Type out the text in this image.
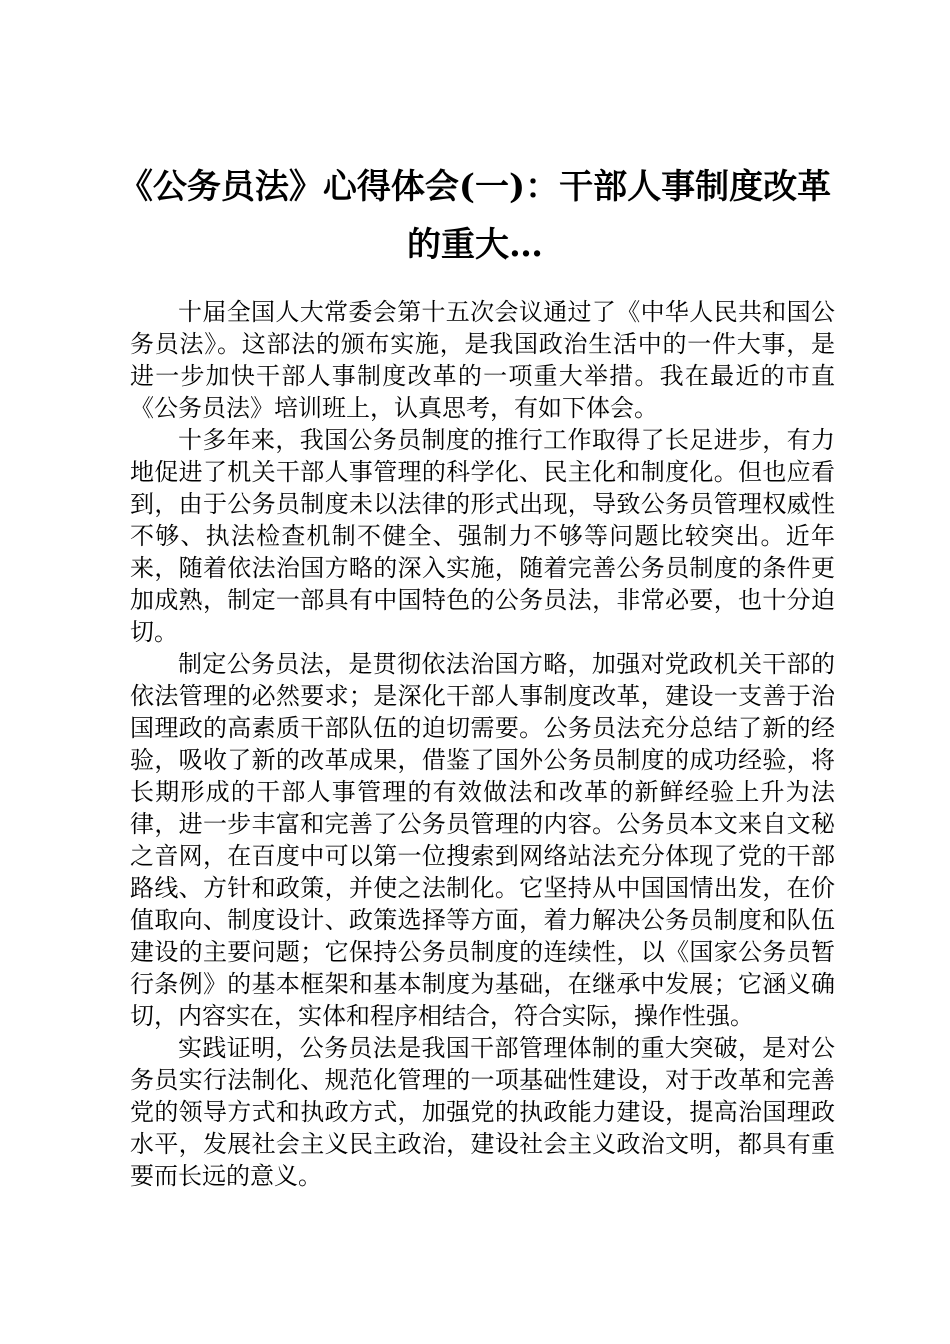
《公务员法》心得体会(一)：干部人事制度改革的重大…

十届全国人大常委会第十五次会议通过了《中华人民共和国公务员法》。这部法的颁布实施，是我国政治生活中的一件大事，是进一步加快干部人事制度改革的一项重大举措。我在最近的市直《公务员法》培训班上，认真思考，有如下体会。

十多年来，我国公务员制度的推行工作取得了长足进步，有力地促进了机关干部人事管理的科学化、民主化和制度化。但也应看到，由于公务员制度未以法律的形式出现，导致公务员管理权威性不够、执法检查机制不健全、强制力不够等问题比较突出。近年来，随着依法治国方略的深入实施，随着完善公务员制度的条件更加成熟，制定一部具有中国特色的公务员法，非常必要，也十分迫切。

制定公务员法，是贯彻依法治国方略，加强对党政机关干部的依法管理的必然要求；是深化干部人事制度改革，建设一支善于治国理政的高素质干部队伍的迫切需要。公务员法充分总结了新的经验，吸收了新的改革成果，借鉴了国外公务员制度的成功经验，将长期形成的干部人事管理的有效做法和改革的新鲜经验上升为法律，进一步丰富和完善了公务员管理的内容。公务员本文来自文秘之音网，在百度中可以第一位搜索到网络站法充分体现了党的干部路线、方针和政策，并使之法制化。它坚持从中国国情出发，在价值取向、制度设计、政策选择等方面，着力解决公务员制度和队伍建设的主要问题；它保持公务员制度的连续性，以《国家公务员暂行条例》的基本框架和基本制度为基础，在继承中发展；它涵义确切，内容实在，实体和程序相结合，符合实际，操作性强。

实践证明，公务员法是我国干部管理体制的重大突破，是对公务员实行法制化、规范化管理的一项基础性建设，对于改革和完善党的领导方式和执政方式，加强党的执政能力建设，提高治国理政水平，发展社会主义民主政治，建设社会主义政治文明，都具有重要而长远的意义。
